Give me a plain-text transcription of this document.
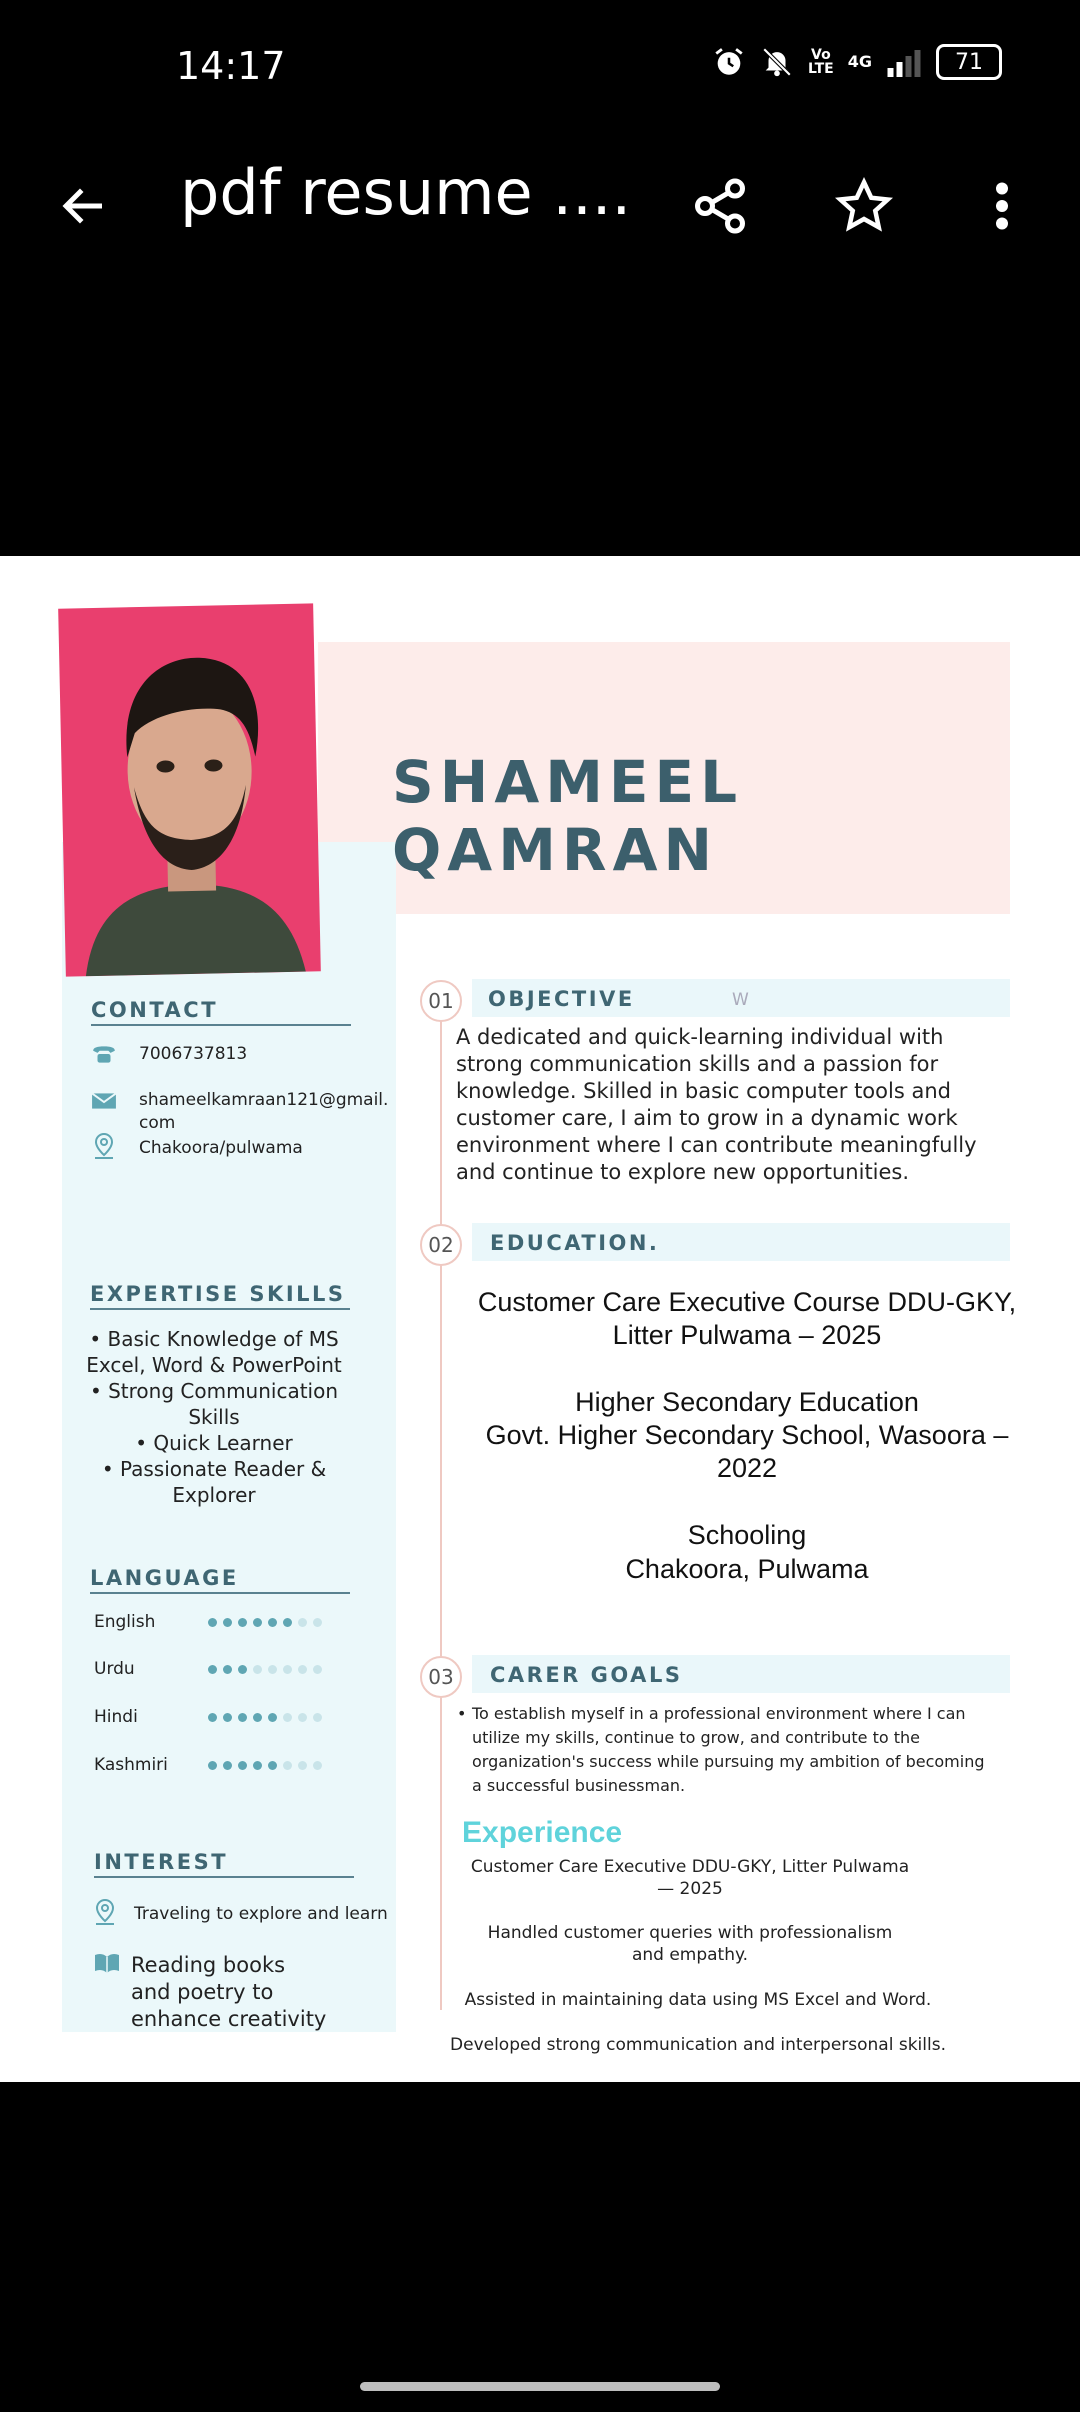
14:17	Vo
LTE 4G	71
pdf resume ....
SHAMEEL QAMRAN
CONTACT
7006737813
shameelkamraan121@gmail.
com
Chakoora/pulwama
EXPERTISE SKILLS
• Basic Knowledge of MS Excel, Word & PowerPoint
• Strong Communication Skills
• Quick Learner
• Passionate Reader & Explorer
LANGUAGE
English
Urdu
Hindi
Kashmiri
INTEREST
Traveling to explore and learn
Reading books and poetry to enhance creativity
01	OBJECTIVE	W
A dedicated and quick-learning individual with strong communication skills and a passion for knowledge. Skilled in basic computer tools and customer care, I aim to grow in a dynamic work environment where I can contribute meaningfully and continue to explore new opportunities.
02	EDUCATION.
Customer Care Executive Course DDU-GKY, Litter Pulwama – 2025
Higher Secondary Education
Govt. Higher Secondary School, Wasoora – 2022
Schooling
Chakoora, Pulwama
03	CARER GOALS
• To establish myself in a professional environment where I can utilize my skills, continue to grow, and contribute to the organization's success while pursuing my ambition of becoming a successful businessman.
Experience
Customer Care Executive DDU-GKY, Litter Pulwama — 2025
Handled customer queries with professionalism and empathy.
Assisted in maintaining data using MS Excel and Word.
Developed strong communication and interpersonal skills.
